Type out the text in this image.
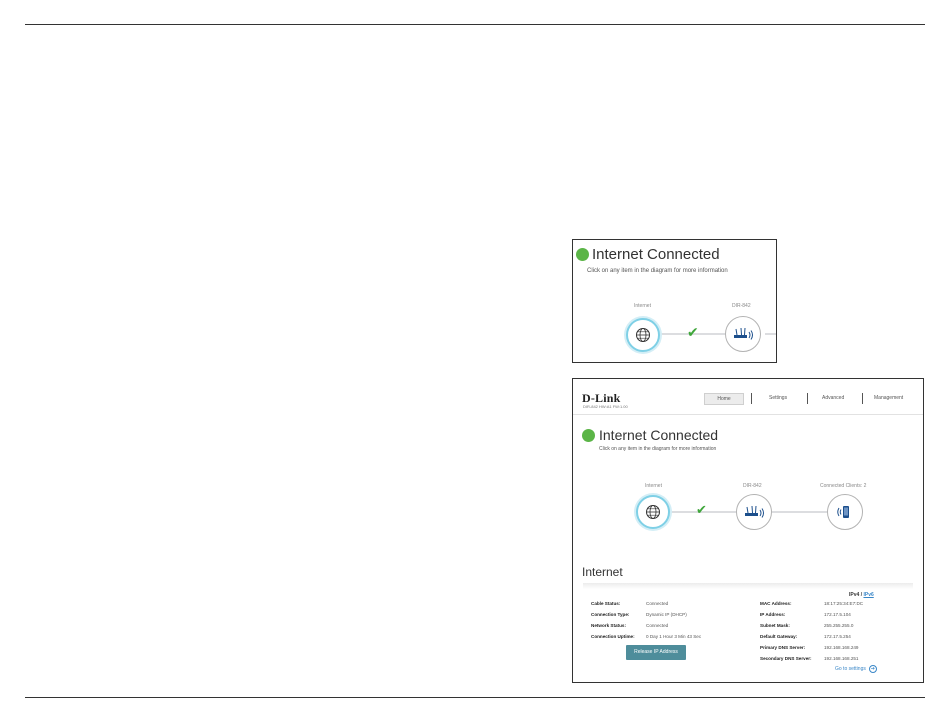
Internet Connected
Click on any item in the diagram for more information
Internet	DIR-842
✔
D-Link
DIR-842 HW:A1 FW:1.00
Home	Settings	Advanced	Management
Internet Connected
Click on any item in the diagram for more information
Internet	DIR-842	Connected Clients: 2
✔
Internet
IPv4 / IPv6
Cable Status:	Connected
Connection Type:	Dynamic IP (DHCP)
Network Status:	Connected
Connection Uptime: 0 Day 1 Hour 3 Min 43 Sec
MAC Address:	18:17:25:34:E7:DC
IP Address:	172.17.5.104
Subnet Mask:	255.255.255.0
Default Gateway:	172.17.5.254
Primary DNS Server:	192.168.168.249
Secondary DNS Server:	192.168.168.251
Release IP Address
Go to settings ➔
